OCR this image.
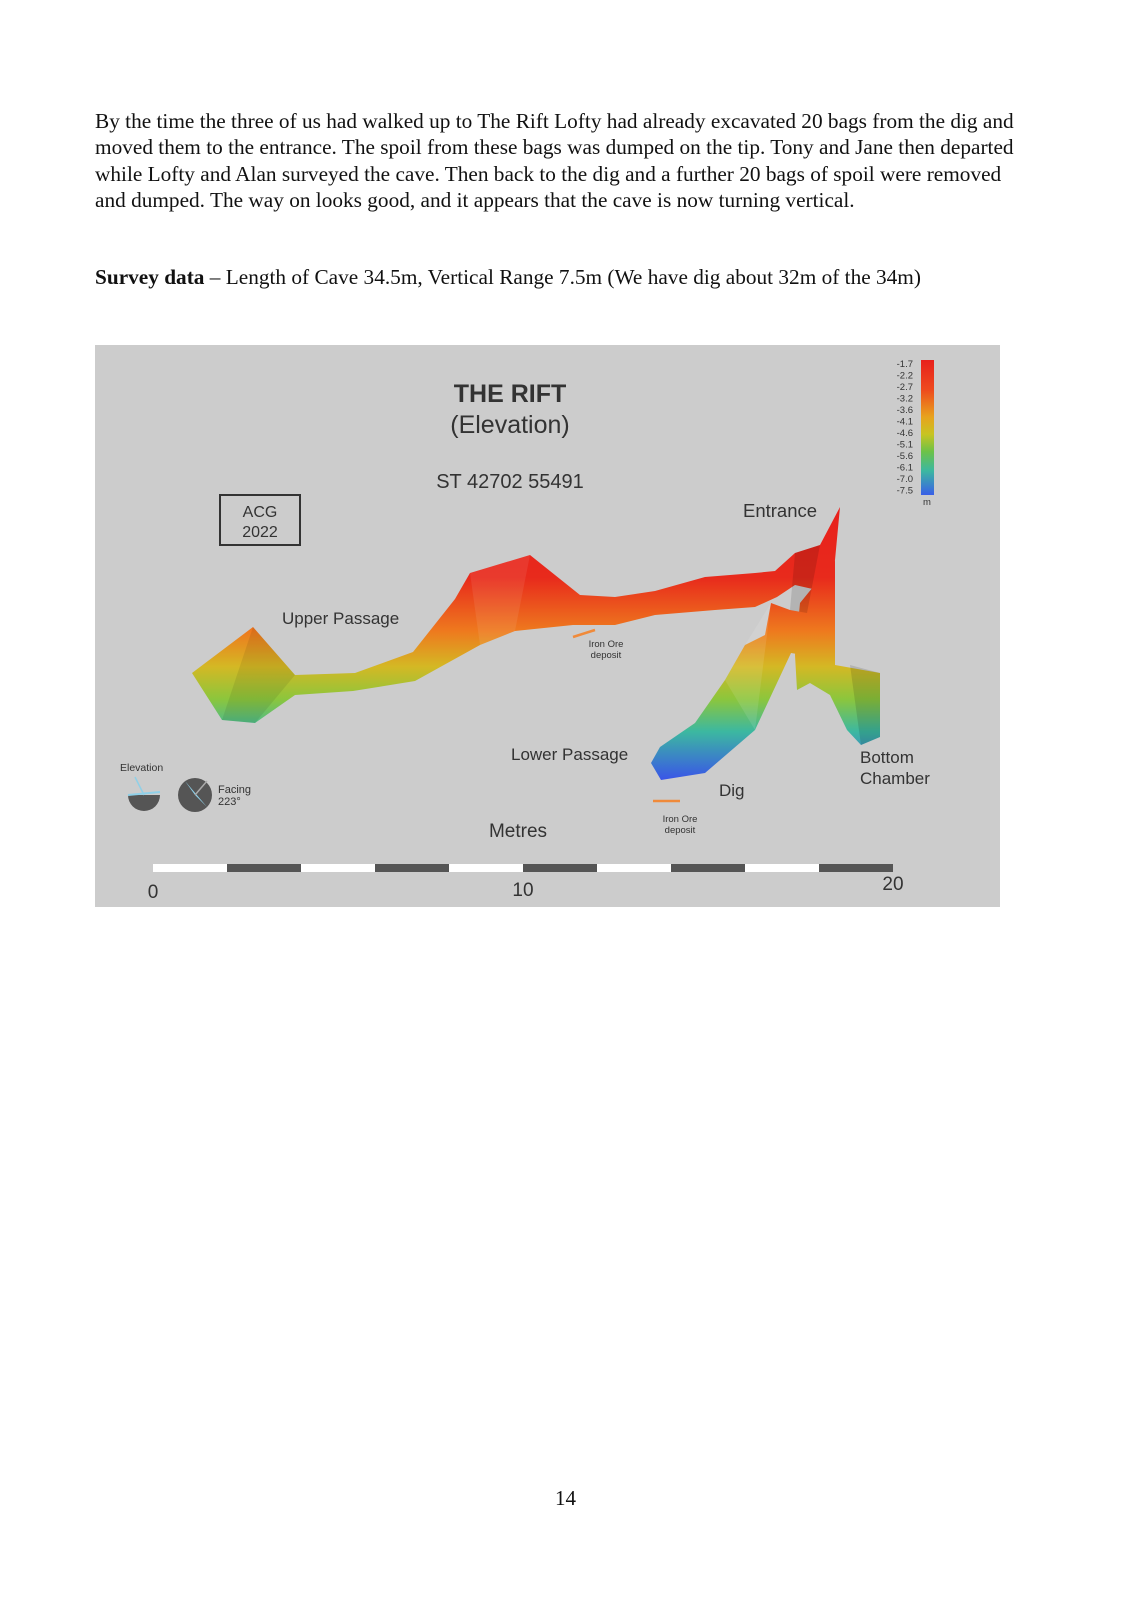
By the time the three of us had walked up to The Rift Lofty had already excavated 20 bags from the dig and moved them to the entrance. The spoil from these bags was dumped on the tip. Tony and Jane then departed while Lofty and Alan surveyed the cave. Then back to the dig and a further 20 bags of spoil were removed and dumped. The way on looks good, and it appears that the cave is now turning vertical.

Survey data – Length of Cave 34.5m, Vertical Range 7.5m (We have dig about 32m of the 34m)

THE RIFT
(Elevation)
ST 42702 55491
ACG
2022
-1.7
-2.2
-2.7
-3.2
-3.6
-4.1
-4.6
-5.1
-5.6
-6.1
-7.0
-7.5
m
Entrance
Upper Passage
Iron Ore
deposit
Lower Passage	Bottom
Chamber
Dig
Iron Ore
deposit
Elevation
Facing
223°
Metres
0	10	20
14
